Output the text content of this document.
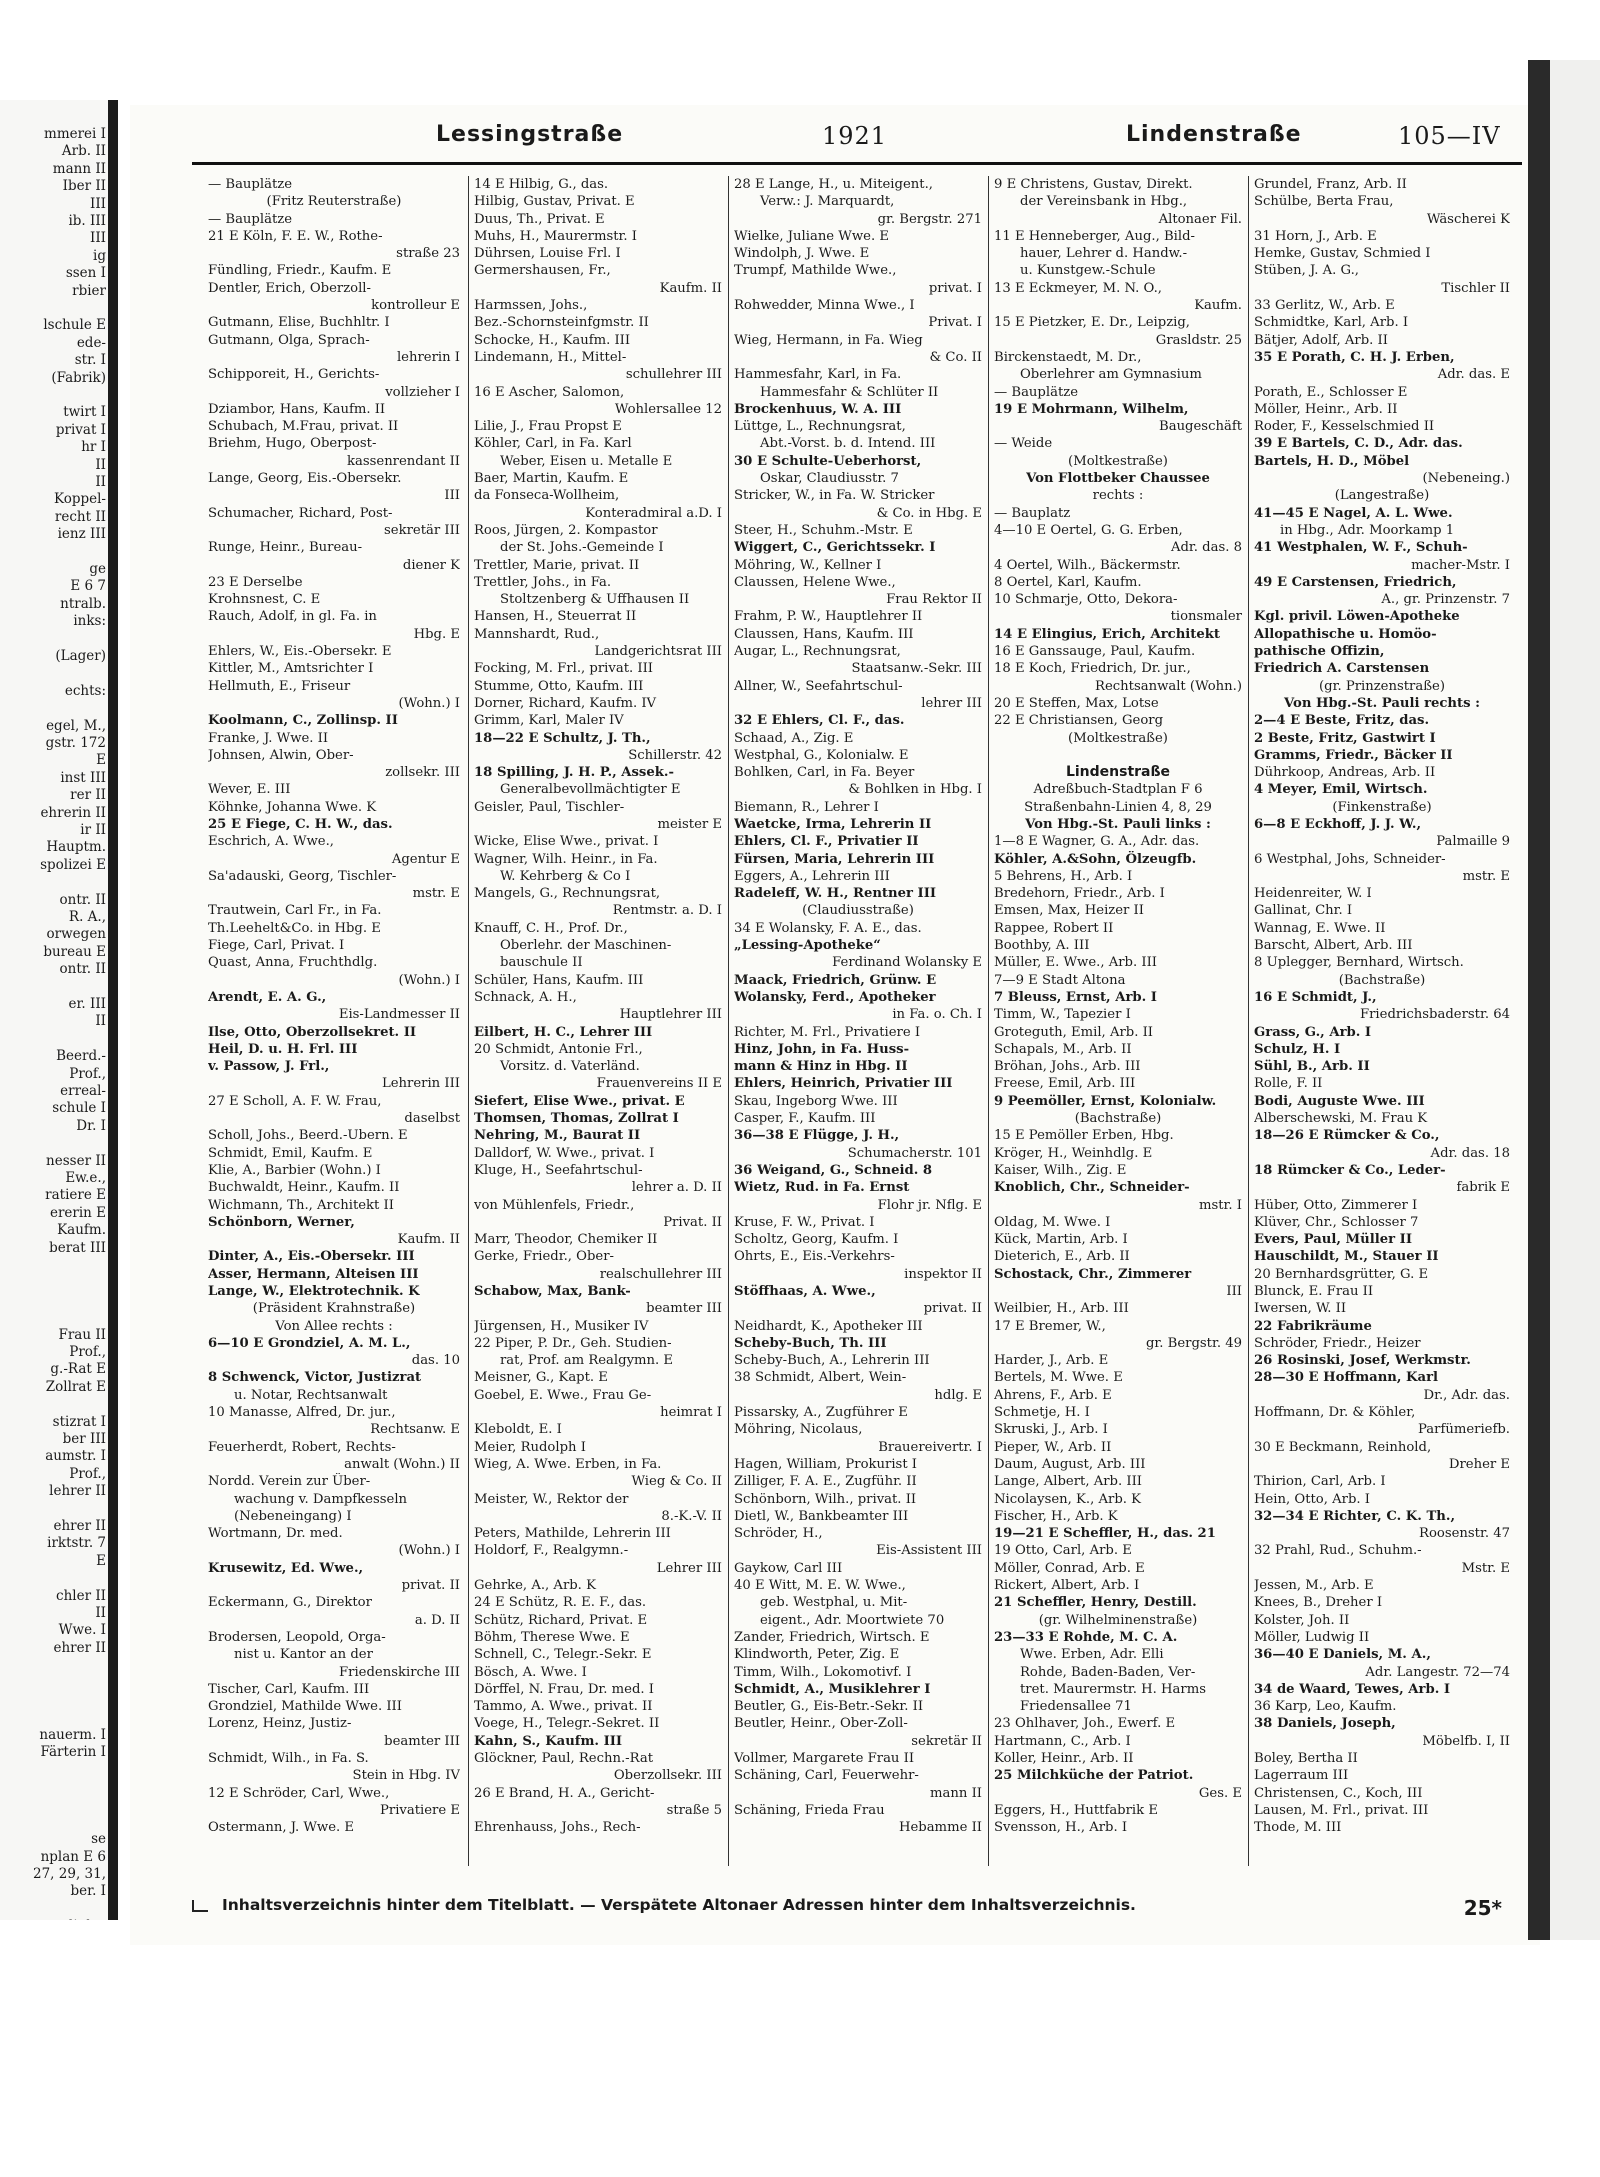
mmerei I
Arb. II
mann II
Iber II
III
ib. III
III
ig
ssen I
rbier

lschule E
ede-
str. I
(Fabrik)

twirt I
privat I
hr I
II
II
Koppel-
recht II
ienz III

ge
E 6 7
ntralb.
inks:

(Lager)

echts:

egel, M.,
gstr. 172
E
inst III
rer II
ehrerin II
ir II
Hauptm.
spolizei E

ontr. II
R. A.,
orwegen
bureau E
ontr. II

er. III
II

Beerd.-
Prof.,
erreal-
schule I
Dr. I

nesser II
Ew.e.,
ratiere E
ererin E
Kaufm.
berat III

Frau II
Prof.,
g.-Rat E
Zollrat E

stizrat I
ber III
aumstr. I
Prof.,
lehrer II

ehrer II
irktstr. 7
E

chler II
II
Wwe. I
ehrer II

nauerm. I
Färterin I

se
nplan E 6
27, 29, 31,
ber. I

Lessingstraße	1921	Lindenstraße	105—IV
— Bauplätze
(Fritz Reuterstraße)
— Bauplätze
21 E Köln, F. E. W., Rothe-
straße 23
Fündling, Friedr., Kaufm. E
Dentler, Erich, Oberzoll-
kontrolleur E
Gutmann, Elise, Buchhltr. I
Gutmann, Olga, Sprach-
lehrerin I
Schipporeit, H., Gerichts-
vollzieher I
Dziambor, Hans, Kaufm. II
Schubach, M.Frau, privat. II
Briehm, Hugo, Oberpost-
kassenrendant II
Lange, Georg, Eis.-Obersekr.
III
Schumacher, Richard, Post-
sekretär III
Runge, Heinr., Bureau-
diener K
23 E Derselbe
Krohnsnest, C. E
Rauch, Adolf, in gl. Fa. in
Hbg. E
Ehlers, W., Eis.-Obersekr. E
Kittler, M., Amtsrichter I
Hellmuth, E., Friseur
(Wohn.) I
Koolmann, C., Zollinsp. II
Franke, J. Wwe. II
Johnsen, Alwin, Ober-
zollsekr. III
Wever, E. III
Köhnke, Johanna Wwe. K
25 E Fiege, C. H. W., das.
Eschrich, A. Wwe.,
Agentur E
Sa'adauski, Georg, Tischler-
mstr. E
Trautwein, Carl Fr., in Fa.
Th.Leehelt&Co. in Hbg. E
Fiege, Carl, Privat. I
Quast, Anna, Fruchthdlg.
(Wohn.) I
Arendt, E. A. G.,
Eis-Landmesser II
Ilse, Otto, Oberzollsekret. II
Heil, D. u. H. Frl. III
v. Passow, J. Frl.,
Lehrerin III
27 E Scholl, A. F. W. Frau,
daselbst
Scholl, Johs., Beerd.-Ubern. E
Schmidt, Emil, Kaufm. E
Klie, A., Barbier (Wohn.) I
Buchwaldt, Heinr., Kaufm. II
Wichmann, Th., Architekt II
Schönborn, Werner,
Kaufm. II
Dinter, A., Eis.-Obersekr. III
Asser, Hermann, Alteisen III
Lange, W., Elektrotechnik. K
(Präsident Krahnstraße)
Von Allee rechts :
6—10 E Grondziel, A. M. L.,
das. 10
8 Schwenck, Victor, Justizrat
u. Notar, Rechtsanwalt
10 Manasse, Alfred, Dr. jur.,
Rechtsanw. E
Feuerherdt, Robert, Rechts-
anwalt (Wohn.) II
Nordd. Verein zur Über-
wachung v. Dampfkesseln
(Nebeneingang) I
Wortmann, Dr. med.
(Wohn.) I
Krusewitz, Ed. Wwe.,
privat. II
Eckermann, G., Direktor
a. D. II
Brodersen, Leopold, Orga-
nist u. Kantor an der
Friedenskirche III
Tischer, Carl, Kaufm. III
Grondziel, Mathilde Wwe. III
Lorenz, Heinz, Justiz-
beamter III
Schmidt, Wilh., in Fa. S.
Stein in Hbg. IV
12 E Schröder, Carl, Wwe.,
Privatiere E
Ostermann, J. Wwe. E
14 E Hilbig, G., das.
Hilbig, Gustav, Privat. E
Duus, Th., Privat. E
Muhs, H., Maurermstr. I
Dührsen, Louise Frl. I
Germershausen, Fr.,
Kaufm. II
Harmssen, Johs.,
Bez.-Schornsteinfgmstr. II
Schocke, H., Kaufm. III
Lindemann, H., Mittel-
schullehrer III
16 E Ascher, Salomon,
Wohlersallee 12
Lilie, J., Frau Propst E
Köhler, Carl, in Fa. Karl
Weber, Eisen u. Metalle E
Baer, Martin, Kaufm. E
da Fonseca-Wollheim,
Konteradmiral a.D. I
Roos, Jürgen, 2. Kompastor
der St. Johs.-Gemeinde I
Trettler, Marie, privat. II
Trettler, Johs., in Fa.
Stoltzenberg & Uffhausen II
Hansen, H., Steuerrat II
Mannshardt, Rud.,
Landgerichtsrat III
Focking, M. Frl., privat. III
Stumme, Otto, Kaufm. III
Dorner, Richard, Kaufm. IV
Grimm, Karl, Maler IV
18—22 E Schultz, J. Th.,
Schillerstr. 42
18 Spilling, J. H. P., Assek.-
Generalbevollmächtigter E
Geisler, Paul, Tischler-
meister E
Wicke, Elise Wwe., privat. I
Wagner, Wilh. Heinr., in Fa.
W. Kehrberg & Co I
Mangels, G., Rechnungsrat,
Rentmstr. a. D. I
Knauff, C. H., Prof. Dr.,
Oberlehr. der Maschinen-
bauschule II
Schüler, Hans, Kaufm. III
Schnack, A. H.,
Hauptlehrer III
Eilbert, H. C., Lehrer III
20 Schmidt, Antonie Frl.,
Vorsitz. d. Vaterländ.
Frauenvereins II E
Siefert, Elise Wwe., privat. E
Thomsen, Thomas, Zollrat I
Nehring, M., Baurat II
Dalldorf, W. Wwe., privat. I
Kluge, H., Seefahrtschul-
lehrer a. D. II
von Mühlenfels, Friedr.,
Privat. II
Marr, Theodor, Chemiker II
Gerke, Friedr., Ober-
realschullehrer III
Schabow, Max, Bank-
beamter III
Jürgensen, H., Musiker IV
22 Piper, P. Dr., Geh. Studien-
rat, Prof. am Realgymn. E
Meisner, G., Kapt. E
Goebel, E. Wwe., Frau Ge-
heimrat I
Kleboldt, E. I
Meier, Rudolph I
Wieg, A. Wwe. Erben, in Fa.
Wieg & Co. II
Meister, W., Rektor der
8.-K.-V. II
Peters, Mathilde, Lehrerin III
Holdorf, F., Realgymn.-
Lehrer III
Gehrke, A., Arb. K
24 E Schütz, R. E. F., das.
Schütz, Richard, Privat. E
Böhm, Therese Wwe. E
Schnell, C., Telegr.-Sekr. E
Bösch, A. Wwe. I
Dörffel, N. Frau, Dr. med. I
Tammo, A. Wwe., privat. II
Voege, H., Telegr.-Sekret. II
Kahn, S., Kaufm. III
Glöckner, Paul, Rechn.-Rat
Oberzollsekr. III
26 E Brand, H. A., Gericht-
straße 5
Ehrenhauss, Johs., Rech-
28 E Lange, H., u. Miteigent.,
Verw.: J. Marquardt,
gr. Bergstr. 271
Wielke, Juliane Wwe. E
Windolph, J. Wwe. E
Trumpf, Mathilde Wwe.,
privat. I
Rohwedder, Minna Wwe., I
Privat. I
Wieg, Hermann, in Fa. Wieg
& Co. II
Hammesfahr, Karl, in Fa.
Hammesfahr & Schlüter II
Brockenhuus, W. A. III
Lüttge, L., Rechnungsrat,
Abt.-Vorst. b. d. Intend. III
30 E Schulte-Ueberhorst,
Oskar, Claudiusstr. 7
Stricker, W., in Fa. W. Stricker
& Co. in Hbg. E
Steer, H., Schuhm.-Mstr. E
Wiggert, C., Gerichtssekr. I
Möhring, W., Kellner I
Claussen, Helene Wwe.,
Frau Rektor II
Frahm, P. W., Hauptlehrer II
Claussen, Hans, Kaufm. III
Augar, L., Rechnungsrat,
Staatsanw.-Sekr. III
Allner, W., Seefahrtschul-
lehrer III
32 E Ehlers, Cl. F., das.
Schaad, A., Zig. E
Westphal, G., Kolonialw. E
Bohlken, Carl, in Fa. Beyer
& Bohlken in Hbg. I
Biemann, R., Lehrer I
Waetcke, Irma, Lehrerin II
Ehlers, Cl. F., Privatier II
Fürsen, Maria, Lehrerin III
Eggers, A., Lehrerin III
Radeleff, W. H., Rentner III
(Claudiusstraße)
34 E Wolansky, F. A. E., das.
„Lessing-Apotheke“
Ferdinand Wolansky E
Maack, Friedrich, Grünw. E
Wolansky, Ferd., Apotheker
in Fa. o. Ch. I
Richter, M. Frl., Privatiere I
Hinz, John, in Fa. Huss-
mann & Hinz in Hbg. II
Ehlers, Heinrich, Privatier III
Skau, Ingeborg Wwe. III
Casper, F., Kaufm. III
36—38 E Flügge, J. H.,
Schumacherstr. 101
36 Weigand, G., Schneid. 8
Wietz, Rud. in Fa. Ernst
Flohr jr. Nflg. E
Kruse, F. W., Privat. I
Scholtz, Georg, Kaufm. I
Ohrts, E., Eis.-Verkehrs-
inspektor II
Stöffhaas, A. Wwe.,
privat. II
Neidhardt, K., Apotheker III
Scheby-Buch, Th. III
Scheby-Buch, A., Lehrerin III
38 Schmidt, Albert, Wein-
hdlg. E
Pissarsky, A., Zugführer E
Möhring, Nicolaus,
Brauereivertr. I
Hagen, William, Prokurist I
Zilliger, F. A. E., Zugführ. II
Schönborn, Wilh., privat. II
Dietl, W., Bankbeamter III
Schröder, H.,
Eis-Assistent III
Gaykow, Carl III
40 E Witt, M. E. W. Wwe.,
geb. Westphal, u. Mit-
eigent., Adr. Moortwiete 70
Zander, Friedrich, Wirtsch. E
Klindworth, Peter, Zig. E
Timm, Wilh., Lokomotivf. I
Schmidt, A., Musiklehrer I
Beutler, G., Eis-Betr.-Sekr. II
Beutler, Heinr., Ober-Zoll-
sekretär II
Vollmer, Margarete Frau II
Schäning, Carl, Feuerwehr-
mann II
Schäning, Frieda Frau
Hebamme II
9 E Christens, Gustav, Direkt.
der Vereinsbank in Hbg.,
Altonaer Fil.
11 E Henneberger, Aug., Bild-
hauer, Lehrer d. Handw.-
u. Kunstgew.-Schule
13 E Eckmeyer, M. N. O.,
Kaufm.
15 E Pietzker, E. Dr., Leipzig,
Grasldstr. 25
Birckenstaedt, M. Dr.,
Oberlehrer am Gymnasium
— Bauplätze
19 E Mohrmann, Wilhelm,
Baugeschäft
— Weide
(Moltkestraße)
Von Flottbeker Chaussee
rechts :
— Bauplatz
4—10 E Oertel, G. G. Erben,
Adr. das. 8
4 Oertel, Wilh., Bäckermstr.
8 Oertel, Karl, Kaufm.
10 Schmarje, Otto, Dekora-
tionsmaler
14 E Elingius, Erich, Architekt
16 E Ganssauge, Paul, Kaufm.
18 E Koch, Friedrich, Dr. jur.,
Rechtsanwalt (Wohn.)
20 E Steffen, Max, Lotse
22 E Christiansen, Georg
(Moltkestraße)

Lindenstraße
Adreßbuch-Stadtplan F 6
Straßenbahn-Linien 4, 8, 29
Von Hbg.-St. Pauli links :
1—8 E Wagner, G. A., Adr. das.
Köhler, A.&Sohn, Ölzeugfb.
5 Behrens, H., Arb. I
Bredehorn, Friedr., Arb. I
Emsen, Max, Heizer II
Rappee, Robert II
Boothby, A. III
Müller, E. Wwe., Arb. III
7—9 E Stadt Altona
7 Bleuss, Ernst, Arb. I
Timm, W., Tapezier I
Groteguth, Emil, Arb. II
Schapals, M., Arb. II
Bröhan, Johs., Arb. III
Freese, Emil, Arb. III
9 Peemöller, Ernst, Kolonialw.
(Bachstraße)
15 E Pemöller Erben, Hbg.
Kröger, H., Weinhdlg. E
Kaiser, Wilh., Zig. E
Knoblich, Chr., Schneider-
mstr. I
Oldag, M. Wwe. I
Kück, Martin, Arb. I
Dieterich, E., Arb. II
Schostack, Chr., Zimmerer
III
Weilbier, H., Arb. III
17 E Bremer, W.,
gr. Bergstr. 49
Harder, J., Arb. E
Bertels, M. Wwe. E
Ahrens, F., Arb. E
Schmetje, H. I
Skruski, J., Arb. I
Pieper, W., Arb. II
Daum, August, Arb. III
Lange, Albert, Arb. III
Nicolaysen, K., Arb. K
Fischer, H., Arb. K
19—21 E Scheffler, H., das. 21
19 Otto, Carl, Arb. E
Möller, Conrad, Arb. E
Rickert, Albert, Arb. I
21 Scheffler, Henry, Destill.
(gr. Wilhelminenstraße)
23—33 E Rohde, M. C. A.
Wwe. Erben, Adr. Elli
Rohde, Baden-Baden, Ver-
tret. Maurermstr. H. Harms
Friedensallee 71
23 Ohlhaver, Joh., Ewerf. E
Hartmann, C., Arb. I
Koller, Heinr., Arb. II
25 Milchküche der Patriot.
Ges. E
Eggers, H., Huttfabrik E
Svensson, H., Arb. I
Grundel, Franz, Arb. II
Schülbe, Berta Frau,
Wäscherei K
31 Horn, J., Arb. E
Hemke, Gustav, Schmied I
Stüben, J. A. G.,
Tischler II
33 Gerlitz, W., Arb. E
Schmidtke, Karl, Arb. I
Bätjer, Adolf, Arb. II
35 E Porath, C. H. J. Erben,
Adr. das. E
Porath, E., Schlosser E
Möller, Heinr., Arb. II
Roder, F., Kesselschmied II
39 E Bartels, C. D., Adr. das.
Bartels, H. D., Möbel
(Nebeneing.)
(Langestraße)
41—45 E Nagel, A. L. Wwe.
in Hbg., Adr. Moorkamp 1
41 Westphalen, W. F., Schuh-
macher-Mstr. I
49 E Carstensen, Friedrich,
A., gr. Prinzenstr. 7
Kgl. privil. Löwen-Apotheke
Allopathische u. Homöo-
pathische Offizin,
Friedrich A. Carstensen
(gr. Prinzenstraße)
Von Hbg.-St. Pauli rechts :
2—4 E Beste, Fritz, das.
2 Beste, Fritz, Gastwirt I
Gramms, Friedr., Bäcker II
Dührkoop, Andreas, Arb. II
4 Meyer, Emil, Wirtsch.
(Finkenstraße)
6—8 E Eckhoff, J. J. W.,
Palmaille 9
6 Westphal, Johs, Schneider-
mstr. E
Heidenreiter, W. I
Gallinat, Chr. I
Wannag, E. Wwe. II
Barscht, Albert, Arb. III
8 Uplegger, Bernhard, Wirtsch.
(Bachstraße)
16 E Schmidt, J.,
Friedrichsbaderstr. 64
Grass, G., Arb. I
Schulz, H. I
Sühl, B., Arb. II
Rolle, F. II
Bodi, Auguste Wwe. III
Alberschewski, M. Frau K
18—26 E Rümcker & Co.,
Adr. das. 18
18 Rümcker & Co., Leder-
fabrik E
Hüber, Otto, Zimmerer I
Klüver, Chr., Schlosser 7
Evers, Paul, Müller II
Hauschildt, M., Stauer II
20 Bernhardsgrütter, G. E
Blunck, E. Frau II
Iwersen, W. II
22 Fabrikräume
Schröder, Friedr., Heizer
26 Rosinski, Josef, Werkmstr.
28—30 E Hoffmann, Karl
Dr., Adr. das.
Hoffmann, Dr. & Köhler,
Parfümeriefb.
30 E Beckmann, Reinhold,
Dreher E
Thirion, Carl, Arb. I
Hein, Otto, Arb. I
32—34 E Richter, C. K. Th.,
Roosenstr. 47
32 Prahl, Rud., Schuhm.-
Mstr. E
Jessen, M., Arb. E
Knees, B., Dreher I
Kolster, Joh. II
Möller, Ludwig II
36—40 E Daniels, M. A.,
Adr. Langestr. 72—74
34 de Waard, Tewes, Arb. I
36 Karp, Leo, Kaufm.
38 Daniels, Joseph,
Möbelfb. I, II
Boley, Bertha II
Lagerraum III
Christensen, C., Koch, III
Lausen, M. Frl., privat. III
Thode, M. III
Inhaltsverzeichnis hinter dem Titelblatt. — Verspätete Altonaer Adressen hinter dem Inhaltsverzeichnis.	25*
